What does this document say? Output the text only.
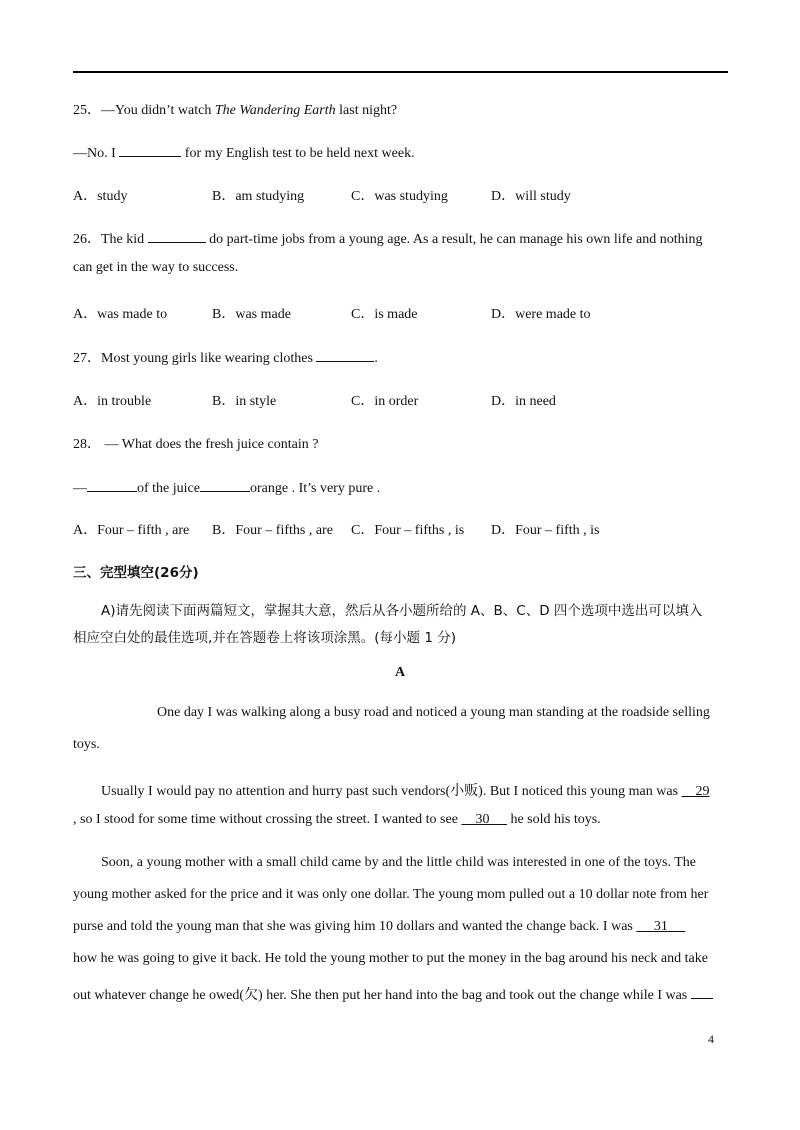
25．—You didn’t watch The Wandering Earth last night?
—No. I	for my English test to be held next week.
A．study	B．am studying	C．was studying	D．will study
26．The kid	do part-time jobs from a young age. As a result, he can manage his own life and nothing
can get in the way to success.
A．was made to	B．was made	C．is made	D．were made to
27．Most young girls like wearing clothes	.
A．in trouble	B．in style	C．in order	D．in need
28． — What does the fresh juice contain ?
—	of the juice	orange . It’s very pure .
A．Four – fifth , are B．Four – fifths , are C．Four – fifths , is D．Four – fifth , is
三、完型填空(26分)
A)请先阅读下面两篇短文，掌握其大意，然后从各小题所给的 A、B、C、D 四个选项中选出可以填入
相应空白处的最佳选项,并在答题卷上将该项涂黑。(每小题 1 分)
A
One day I was walking along a busy road and noticed a young man standing at the roadside selling
toys.
Usually I would pay no attention and hurry past such vendors(小贩). But I noticed this young man was     29
, so I stood for some time without crossing the street. I wanted to see     30      he sold his toys.
Soon, a young mother with a small child came by and the little child was interested in one of the toys. The
young mother asked for the price and it was only one dollar. The young mom pulled out a 10 dollar note from her
purse and told the young man that she was giving him 10 dollars and wanted the change back. I was      31
how he was going to give it back. He told the young mother to put the money in the bag around his neck and take
out whatever change he owed(欠) her. She then put her hand into the bag and took out the change while I was
4
